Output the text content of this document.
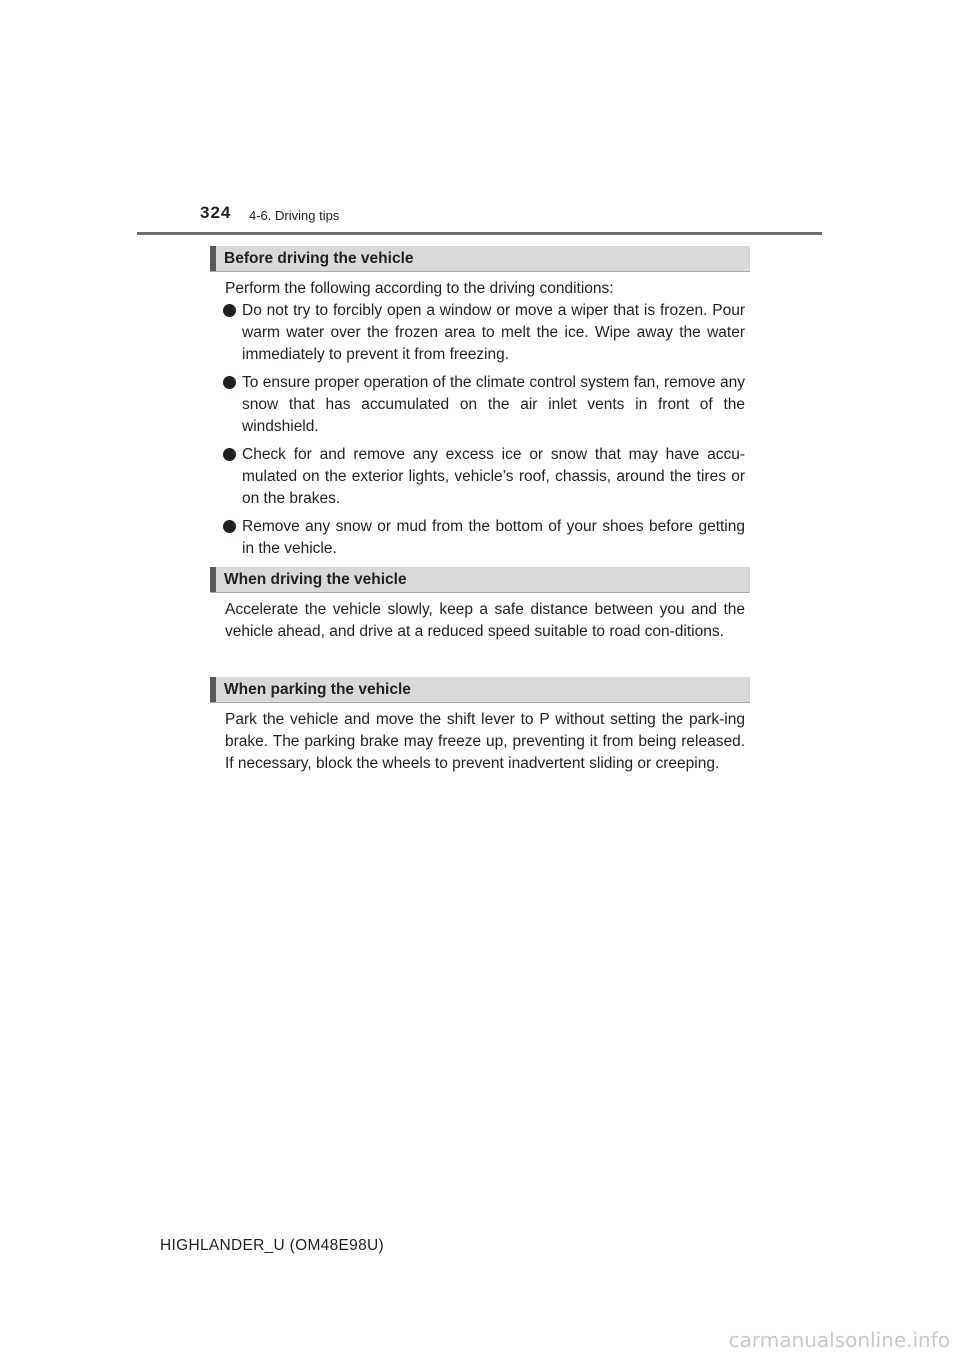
324 4-6. Driving tips
Before driving the vehicle

Perform the following according to the driving conditions:

Do not try to forcibly open a window or move a wiper that is frozen. Pour warm water over the frozen area to melt the ice. Wipe away the water immediately to prevent it from freezing.
To ensure proper operation of the climate control system fan, remove any snow that has accumulated on the air inlet vents in front of the windshield.
Check for and remove any excess ice or snow that may have accu-mulated on the exterior lights, vehicle’s roof, chassis, around the tires or on the brakes.
Remove any snow or mud from the bottom of your shoes before getting in the vehicle.
When driving the vehicle

Accelerate the vehicle slowly, keep a safe distance between you and the vehicle ahead, and drive at a reduced speed suitable to road con-ditions.

When parking the vehicle

Park the vehicle and move the shift lever to P without setting the park-ing brake. The parking brake may freeze up, preventing it from being released. If necessary, block the wheels to prevent inadvertent sliding or creeping.

HIGHLANDER_U (OM48E98U)
carmanualsonline.info
